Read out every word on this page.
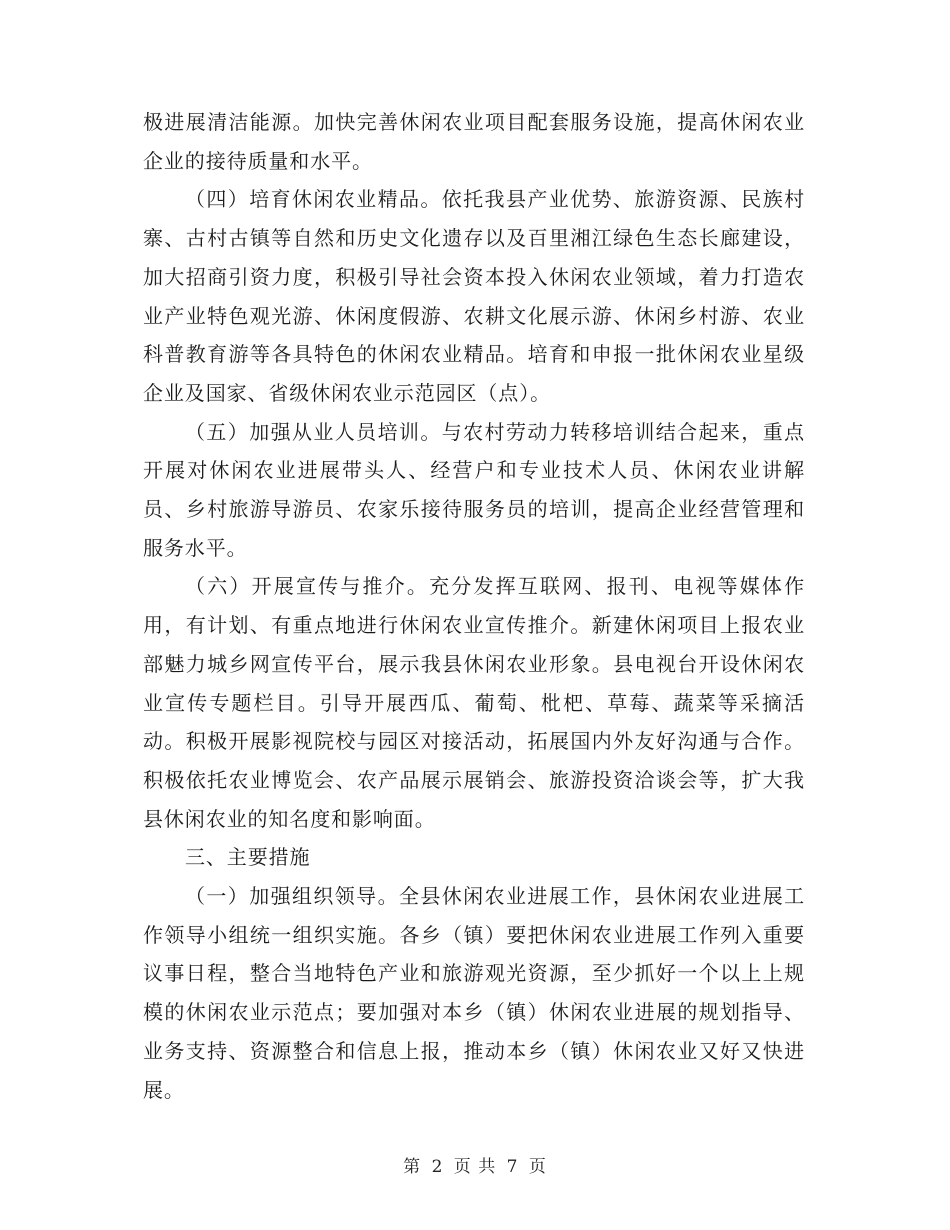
极进展清洁能源。加快完善休闲农业项目配套服务设施，提高休闲农业企业的接待质量和水平。

（四）培育休闲农业精品。依托我县产业优势、旅游资源、民族村寨、古村古镇等自然和历史文化遗存以及百里湘江绿色生态长廊建设，加大招商引资力度，积极引导社会资本投入休闲农业领域，着力打造农业产业特色观光游、休闲度假游、农耕文化展示游、休闲乡村游、农业科普教育游等各具特色的休闲农业精品。培育和申报一批休闲农业星级企业及国家、省级休闲农业示范园区（点）。

（五）加强从业人员培训。与农村劳动力转移培训结合起来，重点开展对休闲农业进展带头人、经营户和专业技术人员、休闲农业讲解员、乡村旅游导游员、农家乐接待服务员的培训，提高企业经营管理和服务水平。

（六）开展宣传与推介。充分发挥互联网、报刊、电视等媒体作用，有计划、有重点地进行休闲农业宣传推介。新建休闲项目上报农业部魅力城乡网宣传平台，展示我县休闲农业形象。县电视台开设休闲农业宣传专题栏目。引导开展西瓜、葡萄、枇杷、草莓、蔬菜等采摘活动。积极开展影视院校与园区对接活动，拓展国内外友好沟通与合作。积极依托农业博览会、农产品展示展销会、旅游投资洽谈会等，扩大我县休闲农业的知名度和影响面。

三、主要措施

（一）加强组织领导。全县休闲农业进展工作，县休闲农业进展工作领导小组统一组织实施。各乡（镇）要把休闲农业进展工作列入重要议事日程，整合当地特色产业和旅游观光资源，至少抓好一个以上上规模的休闲农业示范点；要加强对本乡（镇）休闲农业进展的规划指导、业务支持、资源整合和信息上报，推动本乡（镇）休闲农业又好又快进展。

第 2 页 共 7 页
